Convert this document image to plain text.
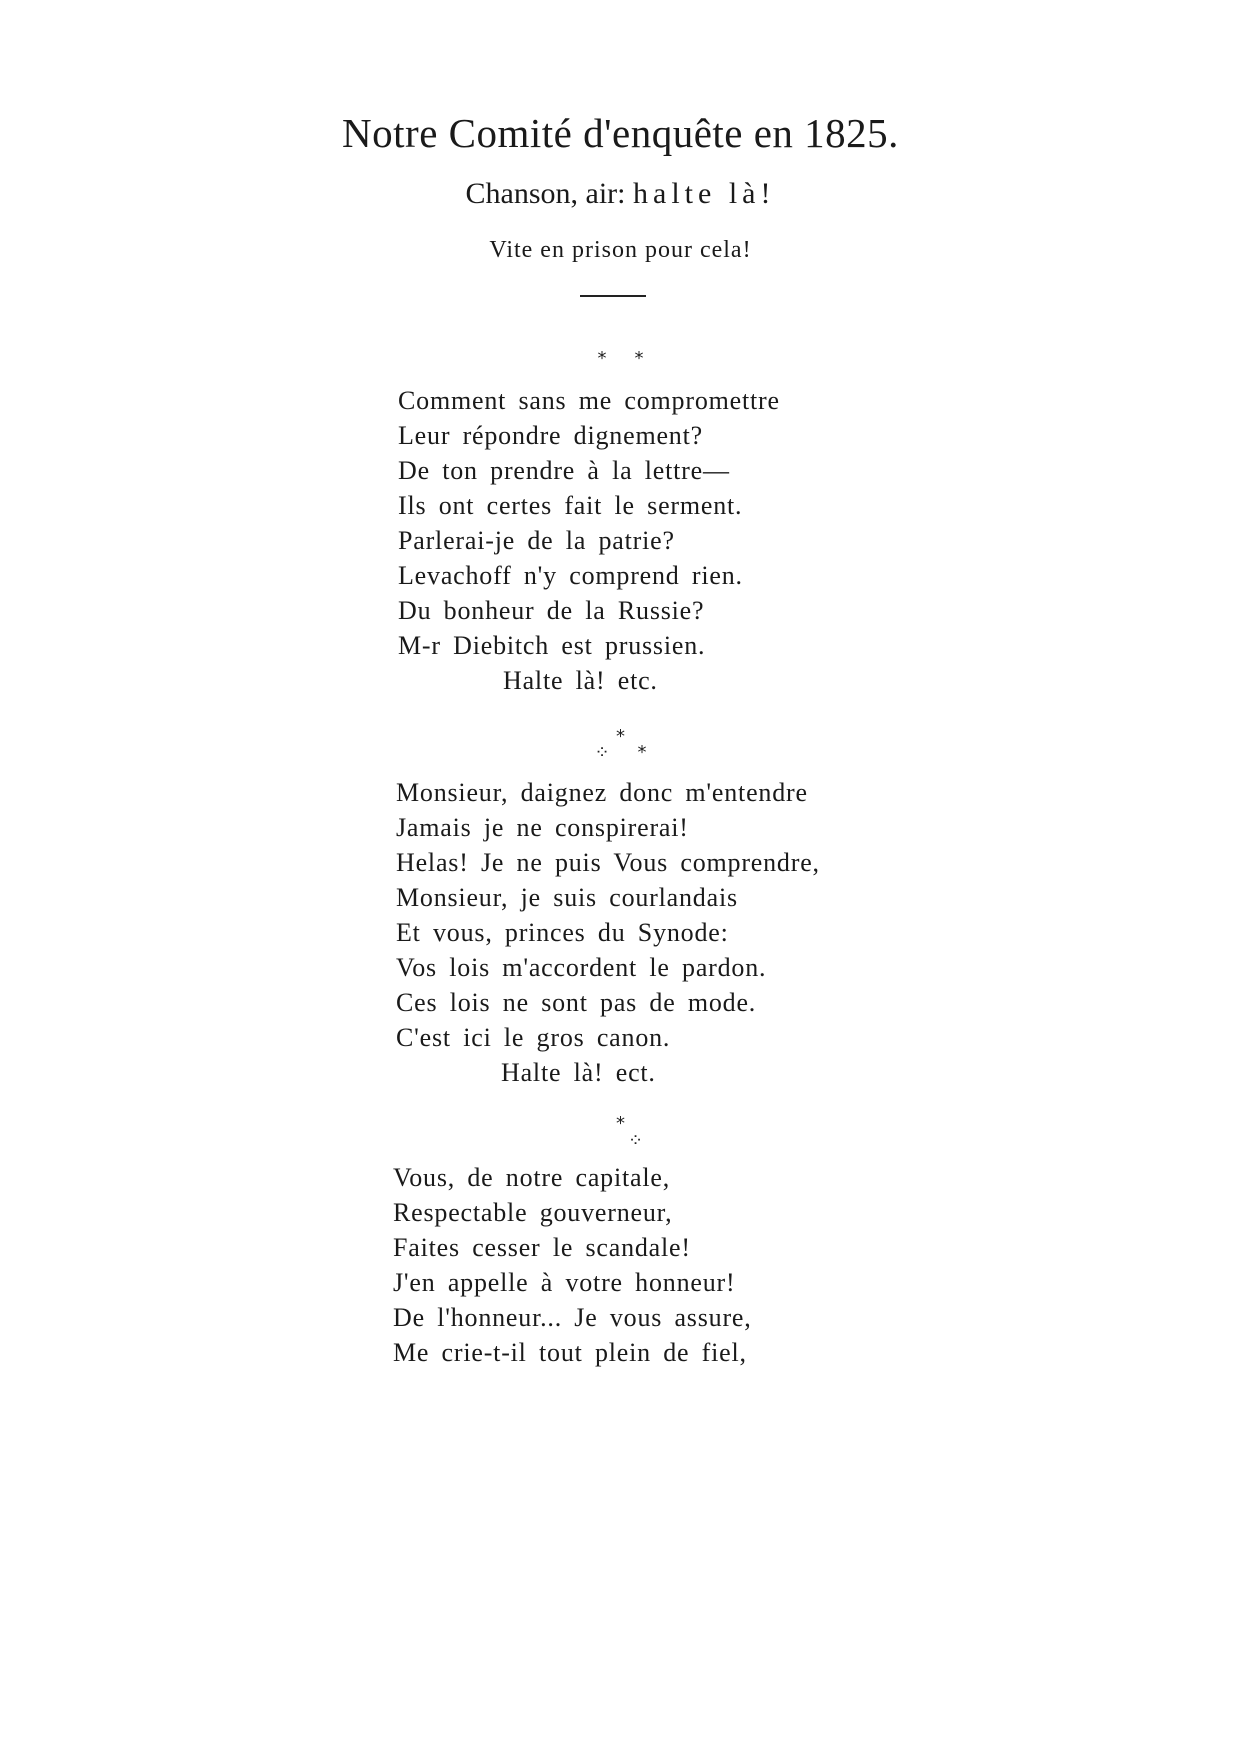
Notre Comité d'enquête en 1825.
Chanson, air: halte là!
Vite en prison pour cela!
* *
Comment sans me compromettre
Leur répondre dignement?
De ton prendre à la lettre—
Ils ont certes fait le serment.
Parlerai-je de la patrie?
Levachoff n'y comprend rien.
Du bonheur de la Russie?
M-r Diebitch est prussien.
Halte là! etc.
*
⁘ *
Monsieur, daignez donc m'entendre
Jamais je ne conspirerai!
Helas! Je ne puis Vous comprendre,
Monsieur, je suis courlandais
Et vous, princes du Synode:
Vos lois m'accordent le pardon.
Ces lois ne sont pas de mode.
C'est ici le gros canon.
Halte là! ect.
*
⁘
Vous, de notre capitale,
Respectable gouverneur,
Faites cesser le scandale!
J'en appelle à votre honneur!
De l'honneur... Je vous assure,
Me crie-t-il tout plein de fiel,
